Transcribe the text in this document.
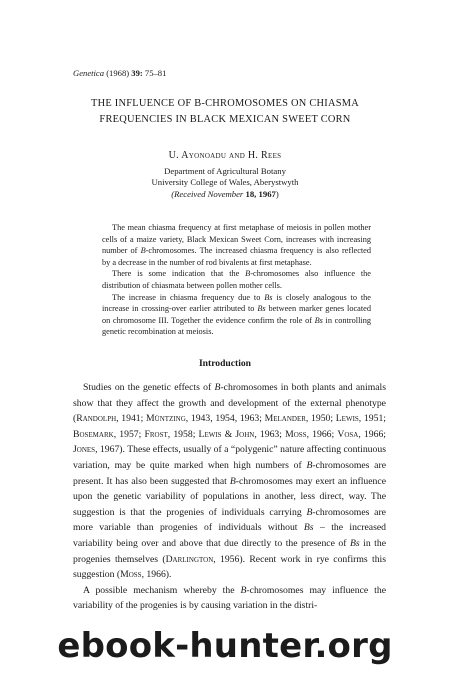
Genetica (1968) 39: 75–81
THE INFLUENCE OF B-CHROMOSOMES ON CHIASMA
FREQUENCIES IN BLACK MEXICAN SWEET CORN
U. Ayonoadu and H. Rees
Department of Agricultural Botany
University College of Wales, Aberystwyth
(Received November 18, 1967)

The mean chiasma frequency at first metaphase of meiosis in pollen mother cells of a maize variety, Black Mexican Sweet Corn, increases with increasing number of B-chromosomes. The increased chiasma frequency is also reflected by a decrease in the number of rod bivalents at first metaphase.

There is some indication that the B-chromosomes also influence the distribution of chiasmata between pollen mother cells.

The increase in chiasma frequency due to Bs is closely analogous to the increase in crossing-over earlier attributed to Bs between marker genes located on chromosome III. Together the evidence confirm the role of Bs in controlling genetic recombination at meiosis.

Introduction

Studies on the genetic effects of B-chromosomes in both plants and animals show that they affect the growth and development of the external phenotype (Randolph, 1941; Müntzing, 1943, 1954, 1963; Melander, 1950; Lewis, 1951; Bosemark, 1957; Frost, 1958; Lewis & John, 1963; Moss, 1966; Vosa, 1966; Jones, 1967). These effects, usually of a “polygenic” nature affecting continuous variation, may be quite marked when high numbers of B-chromosomes are present. It has also been suggested that B-chromosomes may exert an influence upon the genetic variability of populations in another, less direct, way. The suggestion is that the progenies of individuals carrying B-chromosomes are more variable than progenies of individuals without Bs – the increased variability being over and above that due directly to the presence of Bs in the progenies themselves (Darlington, 1956). Recent work in rye confirms this suggestion (Moss, 1966).

A possible mechanism whereby the B-chromosomes may influence the variability of the progenies is by causing variation in the distri-

ebook-hunter.org
